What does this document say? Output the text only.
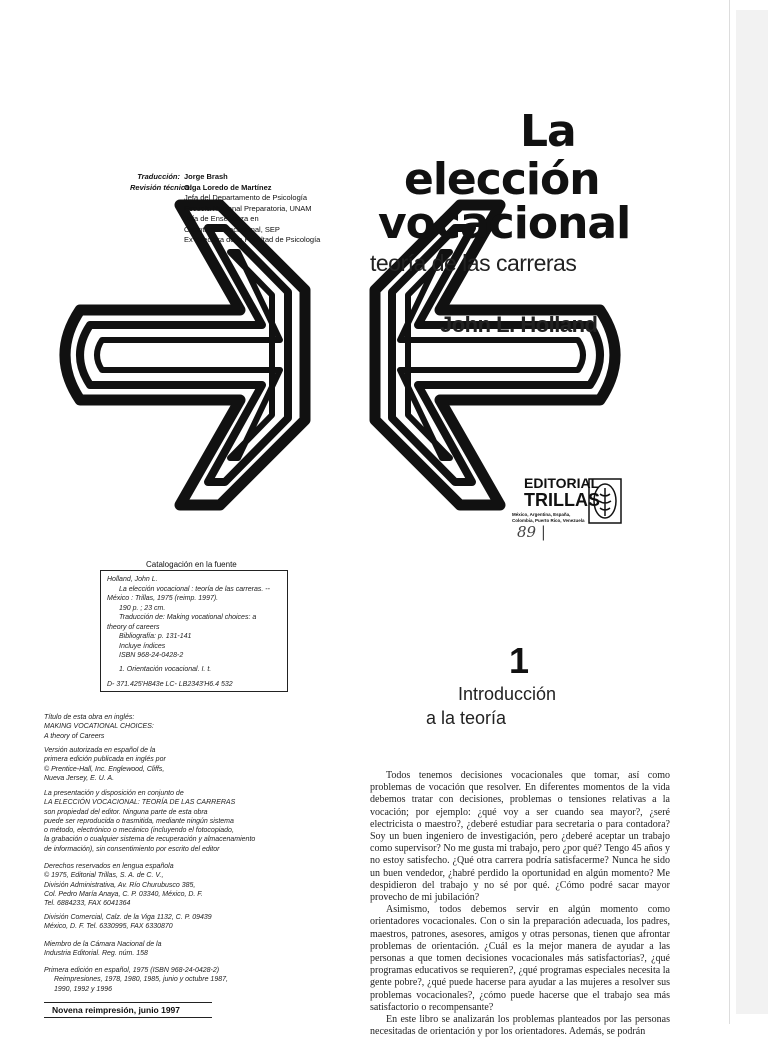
Traducción: Jorge Brash
Revisión técnica:Olga Loredo de Martínez
Jefa del Departamento de Psicología
Escuela Nacional Preparatoria, UNAM
Jefa de Enseñanza en
Orientación Vocacional, SEP
Ex directora de la Facultad de Psicología
La
elección
vocacional
teoría de las carreras
John L. Holland
EDITORIAL
TRILLAS
México, Argentina, España,
Colombia, Puerto Rico, Venezuela
89 |
Catalogación en la fuente
Holland, John L.
La elección vocacional : teoría de las carreras. --
México : Trillas, 1975 (reimp. 1997).
190 p. ; 23 cm.
Traducción de: Making vocational choices: a
theory of careers
Bibliografía: p. 131-141
Incluye índices
ISBN 968-24-0428-2
1. Orientación vocacional. I. t.
D- 371.425'H843e LC- LB2343'H6.4 532
Título de esta obra en inglés:
MAKING VOCATIONAL CHOICES:
A theory of Careers
Versión autorizada en español de la
primera edición publicada en inglés por
© Prentice-Hall, Inc. Englewood, Cliffs,
Nueva Jersey, E. U. A.
La presentación y disposición en conjunto de
LA ELECCIÓN VOCACIONAL: TEORÍA DE LAS CARRERAS
son propiedad del editor. Ninguna parte de esta obra
puede ser reproducida o trasmitida, mediante ningún sistema
o método, electrónico o mecánico (incluyendo el fotocopiado,
la grabación o cualquier sistema de recuperación y almacenamiento
de información), sin consentimiento por escrito del editor
Derechos reservados en lengua española
© 1975, Editorial Trillas, S. A. de C. V.,
División Administrativa, Av. Río Churubusco 385,
Col. Pedro María Anaya, C. P. 03340, México, D. F.
Tel. 6884233, FAX 6041364
División Comercial, Calz. de la Viga 1132, C. P. 09439
México, D. F. Tel. 6330995, FAX 6330870
Miembro de la Cámara Nacional de la
Industria Editorial. Reg. núm. 158
Primera edición en español, 1975 (ISBN 968-24-0428-2)
Reimpresiones, 1978, 1980, 1985, junio y octubre 1987,
1990, 1992 y 1996
Novena reimpresión, junio 1997
1
Introducción
a la teoría

Todos tenemos decisiones vocacionales que tomar, así como problemas de vocación que resolver. En diferentes momentos de la vida debemos tratar con decisiones, problemas o tensiones relativas a la vocación; por ejemplo: ¿qué voy a ser cuando sea mayor?, ¿seré electricista o maestro?, ¿deberé estudiar para secretaria o para contadora? Soy un buen ingeniero de investigación, pero ¿deberé aceptar un trabajo como supervisor? No me gusta mi trabajo, pero ¿por qué? Tengo 45 años y no estoy satisfecho. ¿Qué otra carrera podría satisfacerme? Nunca he sido un buen vendedor, ¿habré perdido la oportunidad en algún momento? Me despidieron del trabajo y no sé por qué. ¿Cómo podré sacar mayor provecho de mi jubilación?

Asimismo, todos debemos servir en algún momento como orientadores vocacionales. Con o sin la preparación adecuada, los padres, maestros, patrones, asesores, amigos y otras personas, tienen que afrontar problemas de orientación. ¿Cuál es la mejor manera de ayudar a las personas a que tomen decisiones vocacionales más satisfactorias?, ¿qué programas educativos se requieren?, ¿qué programas especiales necesita la gente pobre?, ¿qué puede hacerse para ayudar a las mujeres a resolver sus problemas vocacionales?, ¿cómo puede hacerse que el trabajo sea más satisfactorio o recompensante?

En este libro se analizarán los problemas planteados por las personas necesitadas de orientación y por los orientadores. Además, se podrán
